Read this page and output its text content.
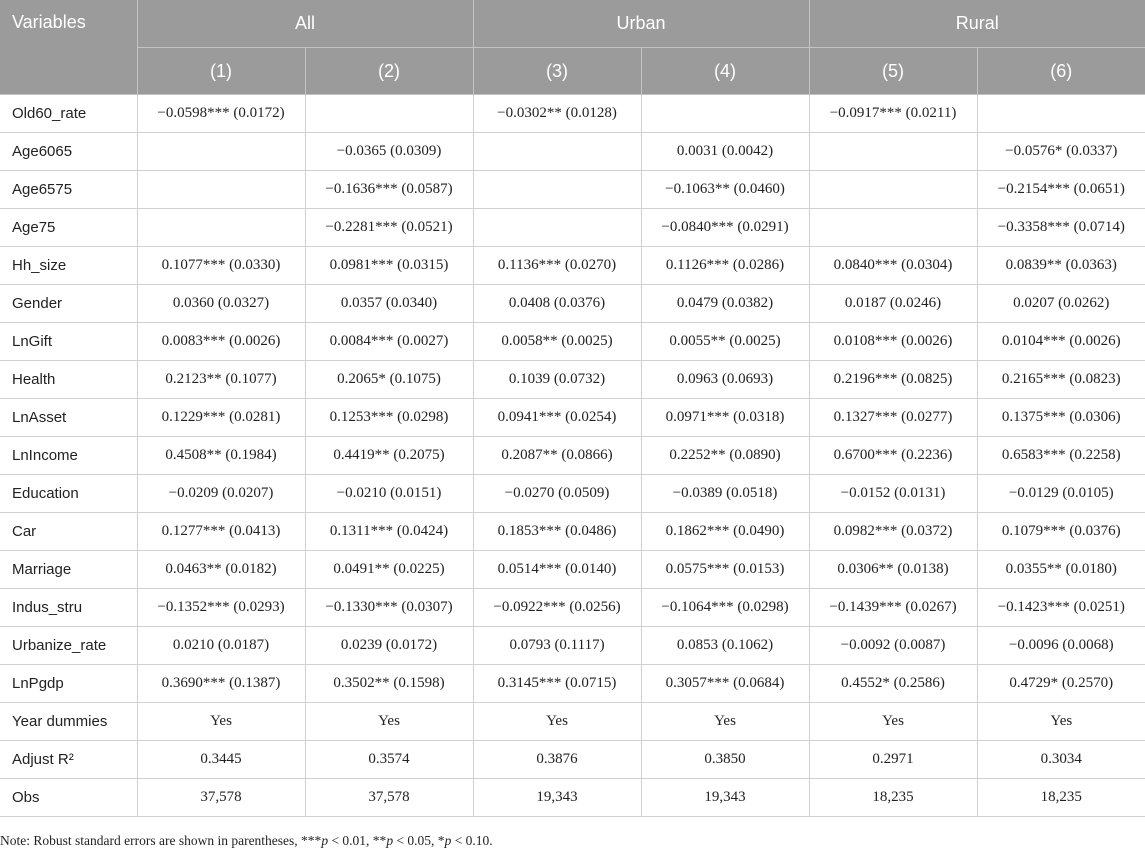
Variables	All		Urban		Rural	
	(1)	(2)	(3)	(4)	(5)	(6)
Old60_rate	−0.0598*** (0.0172)		−0.0302** (0.0128)		−0.0917*** (0.0211)	
Age6065		−0.0365 (0.0309)		0.0031 (0.0042)		−0.0576* (0.0337)
Age6575		−0.1636*** (0.0587)		−0.1063** (0.0460)		−0.2154*** (0.0651)
Age75		−0.2281*** (0.0521)		−0.0840*** (0.0291)		−0.3358*** (0.0714)
Hh_size	0.1077*** (0.0330)	0.0981*** (0.0315)	0.1136*** (0.0270)	0.1126*** (0.0286)	0.0840*** (0.0304)	0.0839** (0.0363)
Gender	0.0360 (0.0327)	0.0357 (0.0340)	0.0408 (0.0376)	0.0479 (0.0382)	0.0187 (0.0246)	0.0207 (0.0262)
LnGift	0.0083*** (0.0026)	0.0084*** (0.0027)	0.0058** (0.0025)	0.0055** (0.0025)	0.0108*** (0.0026)	0.0104*** (0.0026)
Health	0.2123** (0.1077)	0.2065* (0.1075)	0.1039 (0.0732)	0.0963 (0.0693)	0.2196*** (0.0825)	0.2165*** (0.0823)
LnAsset	0.1229*** (0.0281)	0.1253*** (0.0298)	0.0941*** (0.0254)	0.0971*** (0.0318)	0.1327*** (0.0277)	0.1375*** (0.0306)
LnIncome	0.4508** (0.1984)	0.4419** (0.2075)	0.2087** (0.0866)	0.2252** (0.0890)	0.6700*** (0.2236)	0.6583*** (0.2258)
Education	−0.0209 (0.0207)	−0.0210 (0.0151)	−0.0270 (0.0509)	−0.0389 (0.0518)	−0.0152 (0.0131)	−0.0129 (0.0105)
Car	0.1277*** (0.0413)	0.1311*** (0.0424)	0.1853*** (0.0486)	0.1862*** (0.0490)	0.0982*** (0.0372)	0.1079*** (0.0376)
Marriage	0.0463** (0.0182)	0.0491** (0.0225)	0.0514*** (0.0140)	0.0575*** (0.0153)	0.0306** (0.0138)	0.0355** (0.0180)
Indus_stru	−0.1352*** (0.0293)	−0.1330*** (0.0307)	−0.0922*** (0.0256)	−0.1064*** (0.0298)	−0.1439*** (0.0267)	−0.1423*** (0.0251)
Urbanize_rate	0.0210 (0.0187)	0.0239 (0.0172)	0.0793 (0.1117)	0.0853 (0.1062)	−0.0092 (0.0087)	−0.0096 (0.0068)
LnPgdp	0.3690*** (0.1387)	0.3502** (0.1598)	0.3145*** (0.0715)	0.3057*** (0.0684)	0.4552* (0.2586)	0.4729* (0.2570)
Year dummies	Yes	Yes	Yes	Yes	Yes	Yes
Adjust R²	0.3445	0.3574	0.3876	0.3850	0.2971	0.3034
Obs	37,578	37,578	19,343	19,343	18,235	18,235
Note: Robust standard errors are shown in parentheses, ***p < 0.01, **p < 0.05, *p < 0.10.
